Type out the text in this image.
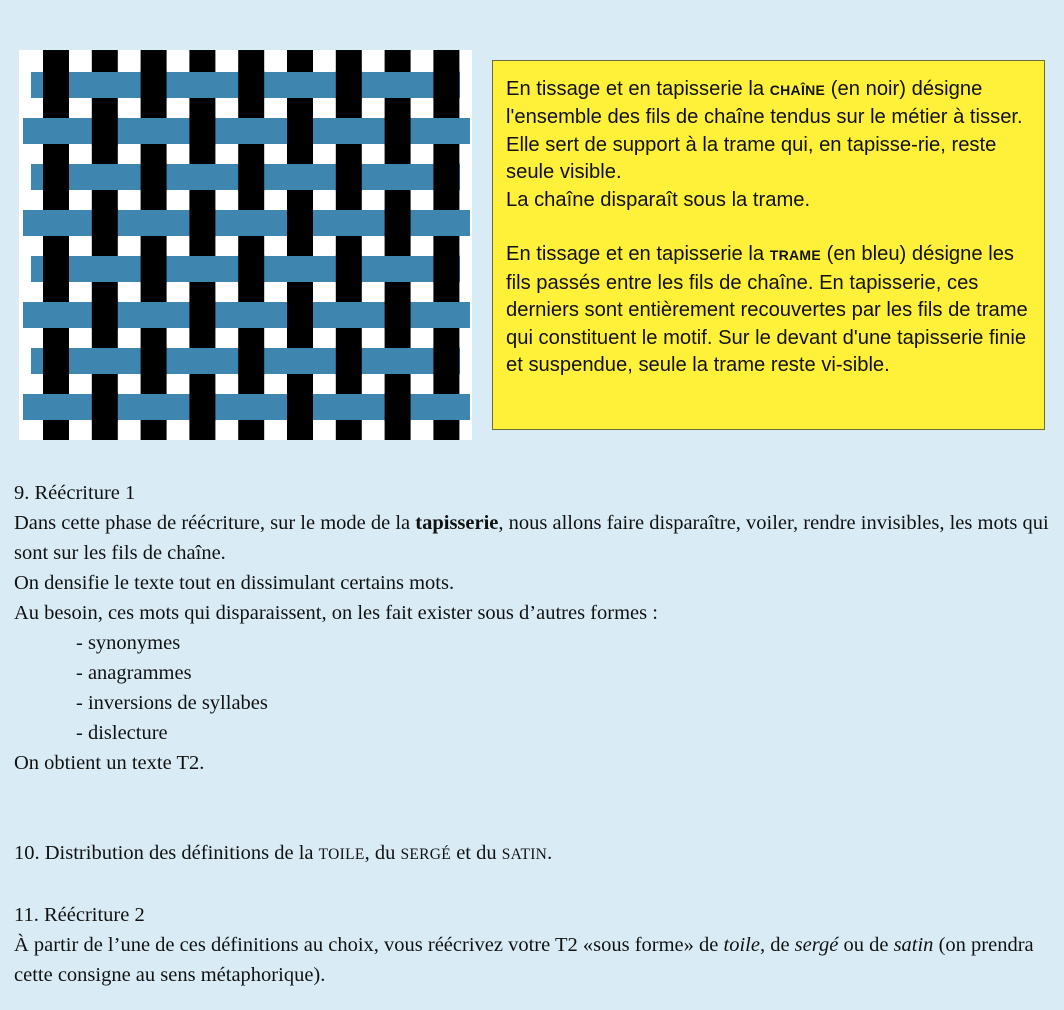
En tissage et en tapisserie la CHAÎNE (en noir) désigne l'ensemble des fils de chaîne tendus sur le métier à tisser. Elle sert de support à la trame qui, en tapisse-rie, reste seule visible.

La chaîne disparaît sous la trame.

En tissage et en tapisserie la TRAME (en bleu) désigne les fils passés entre les fils de chaîne. En tapisserie, ces derniers sont entièrement recouvertes par les fils de trame qui constituent le motif. Sur le devant d'une tapisserie finie et suspendue, seule la trame reste vi-sible.

9. Réécriture 1

Dans cette phase de réécriture, sur le mode de la tapisserie, nous allons faire disparaître, voiler, rendre invisibles, les mots qui sont sur les fils de chaîne.

On densifie le texte tout en dissimulant certains mots.

Au besoin, ces mots qui disparaissent, on les fait exister sous d’autres formes :

- synonymes
- anagrammes
- inversions de syllabes
- dislecture

On obtient un texte T2.

10. Distribution des définitions de la TOILE, du SERGÉ et du SATIN.

11. Réécriture 2

À partir de l’une de ces définitions au choix, vous réécrivez votre T2 «sous forme» de toile, de sergé ou de satin (on prendra cette consigne au sens métaphorique).
